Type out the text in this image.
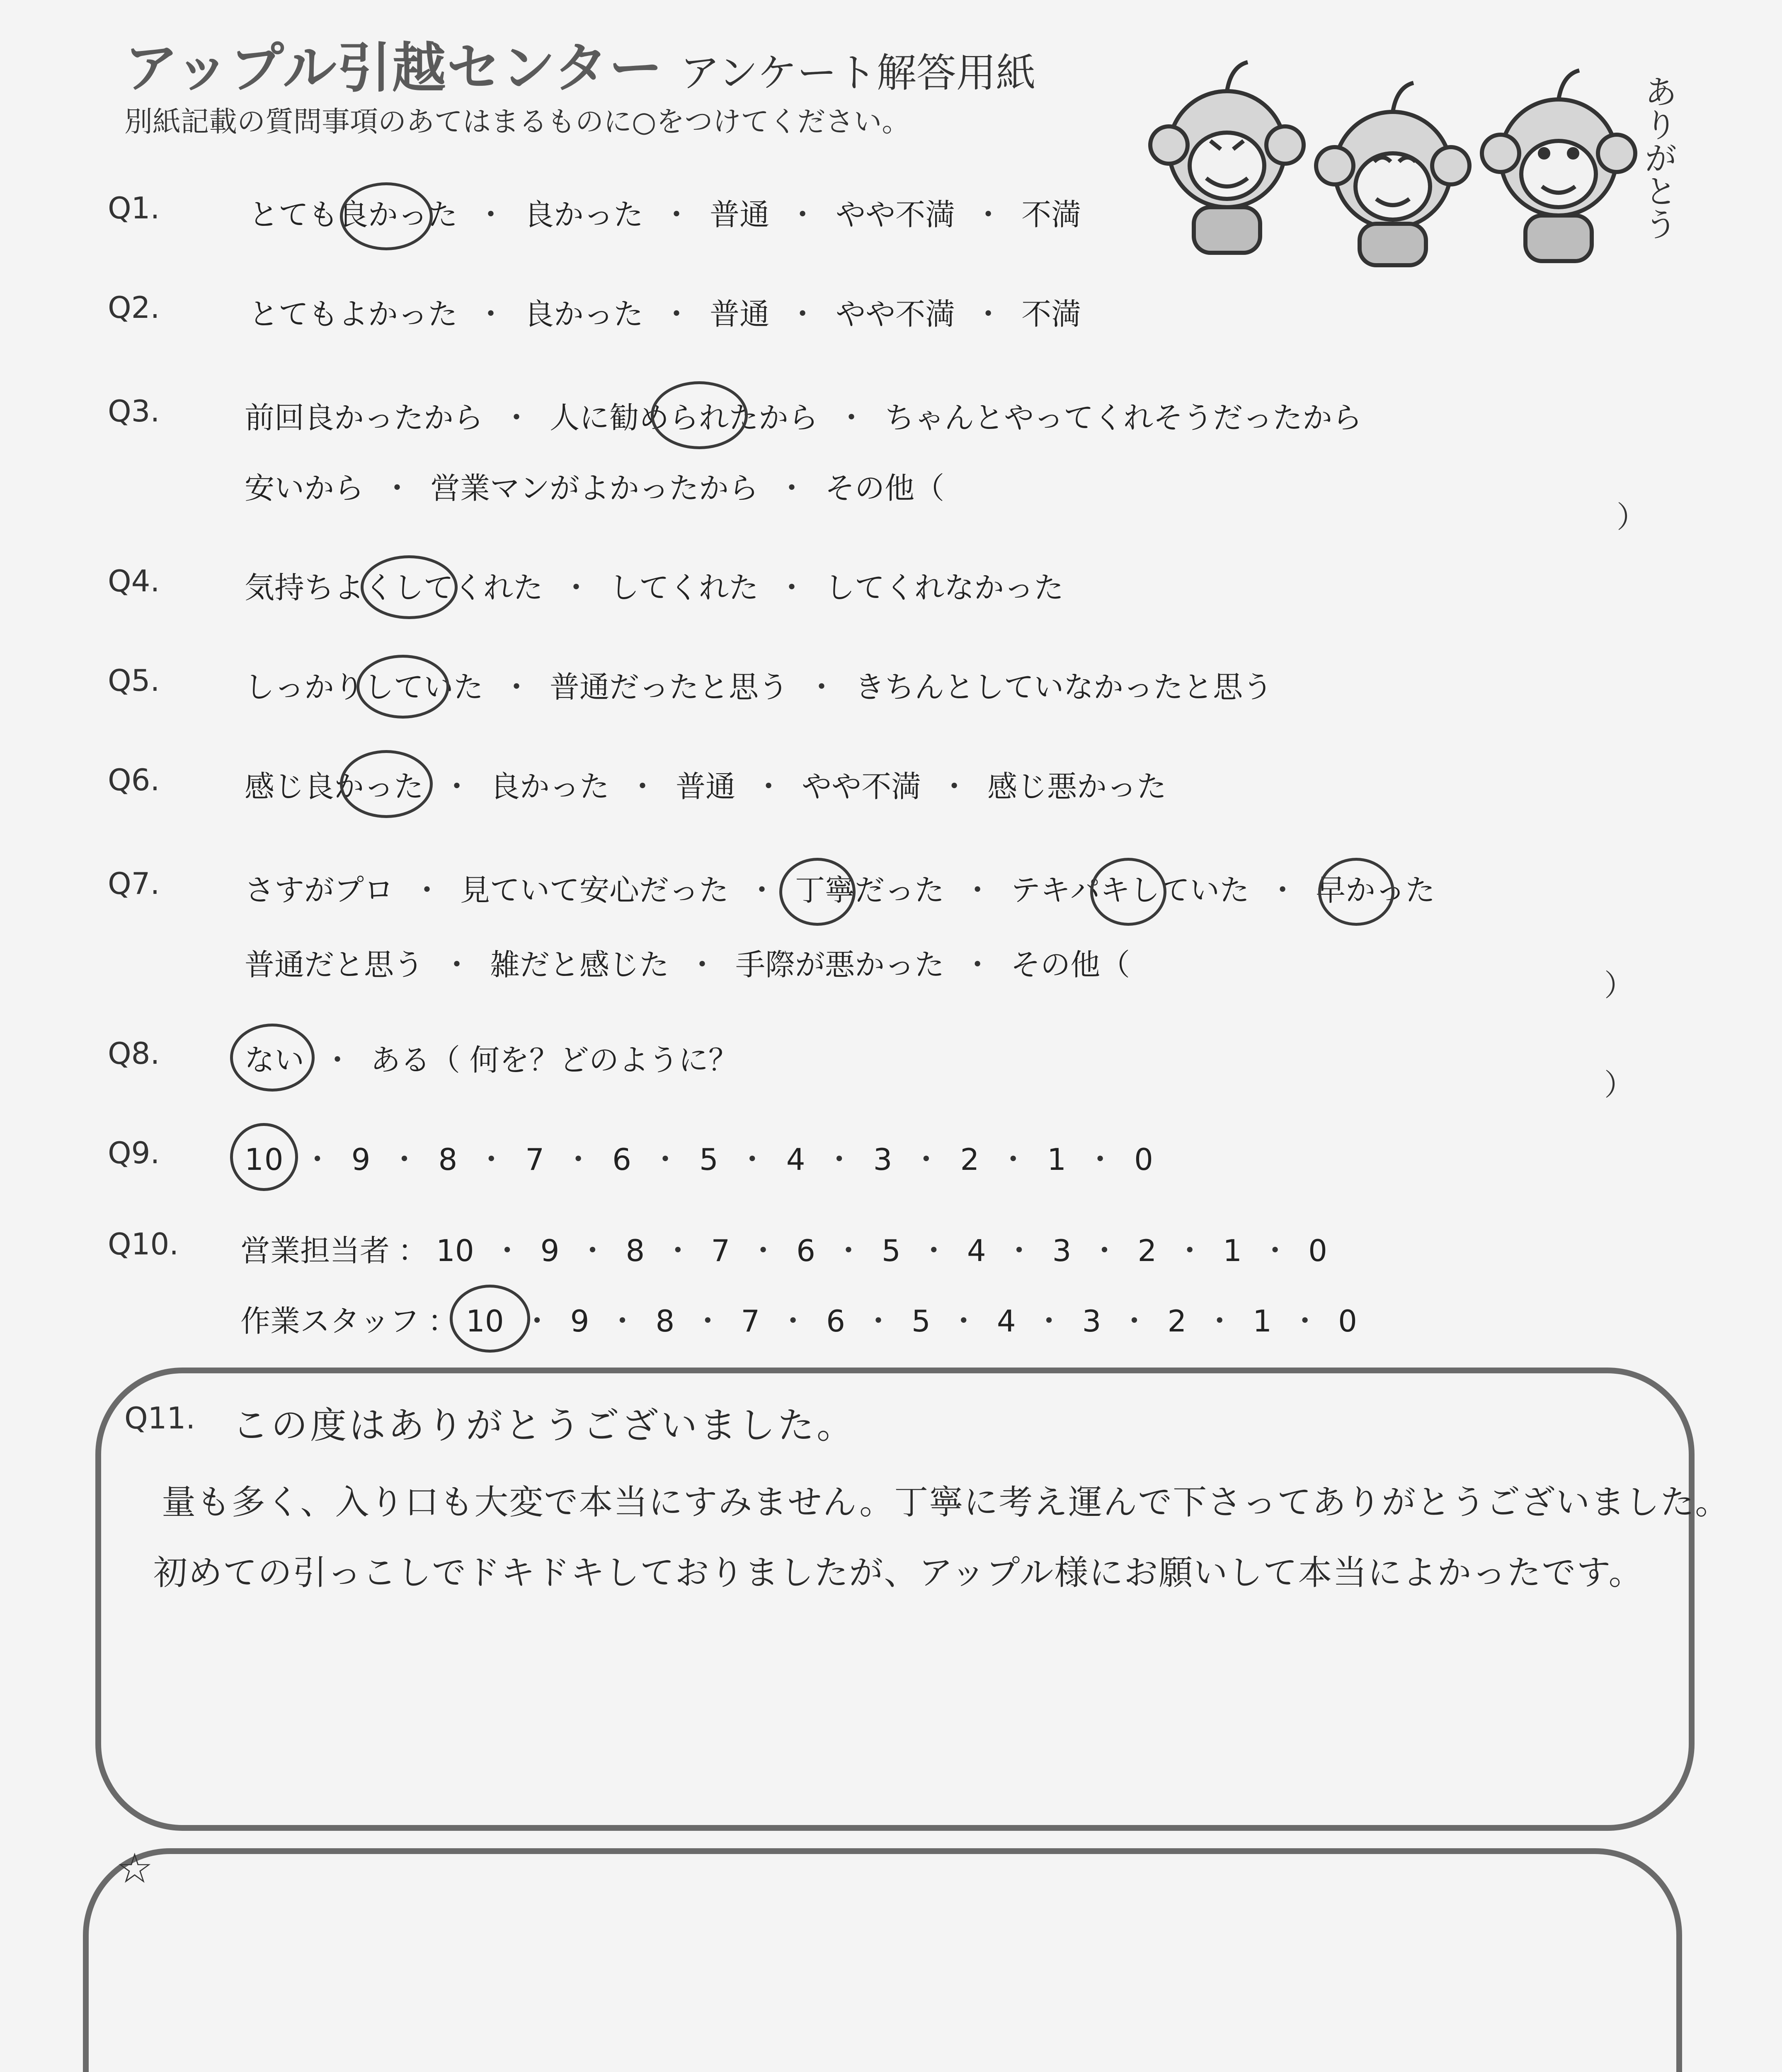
アップル引越センター アンケート解答用紙
別紙記載の質問事項のあてはまるものに○をつけてください。	ありがとう
Q1.	とても良かった ・ 良かった ・ 普通 ・ やや不満 ・ 不満
Q2.	とてもよかった ・ 良かった ・ 普通 ・ やや不満 ・ 不満
Q3.	前回良かったから ・ 人に勧められたから ・ ちゃんとやってくれそうだったから
安いから ・ 営業マンがよかったから ・ その他（
）
Q4.	気持ちよくしてくれた ・ してくれた ・ してくれなかった
Q5.	しっかりしていた ・ 普通だったと思う ・ きちんとしていなかったと思う
Q6.	感じ良かった ・ 良かった ・ 普通 ・ やや不満 ・ 感じ悪かった
Q7.	さすがプロ ・ 見ていて安心だった ・ 丁寧だった ・ テキパキしていた ・ 早かった
普通だと思う ・ 雑だと感じた ・ 手際が悪かった ・ その他（
）
Q8.	ない ・ ある（ 何を？どのように？
）
Q9.	10 ・ 9 ・ 8 ・ 7 ・ 6 ・ 5 ・ 4 ・ 3 ・ 2 ・ 1 ・ 0
Q10. 営業担当者 ： 10 ・ 9 ・ 8 ・ 7 ・ 6 ・ 5 ・ 4 ・ 3 ・ 2 ・ 1 ・ 0
作業スタッフ ： 10 ・ 9 ・ 8 ・ 7 ・ 6 ・ 5 ・ 4 ・ 3 ・ 2 ・ 1 ・ 0
Q11. この度はありがとうございました。
量も多く、入り口も大変で本当にすみません。丁寧に考え運んで下さってありがとうございました。
初めての引っこしでドキドキしておりましたが、アップル様にお願いして本当によかったです。
☆
